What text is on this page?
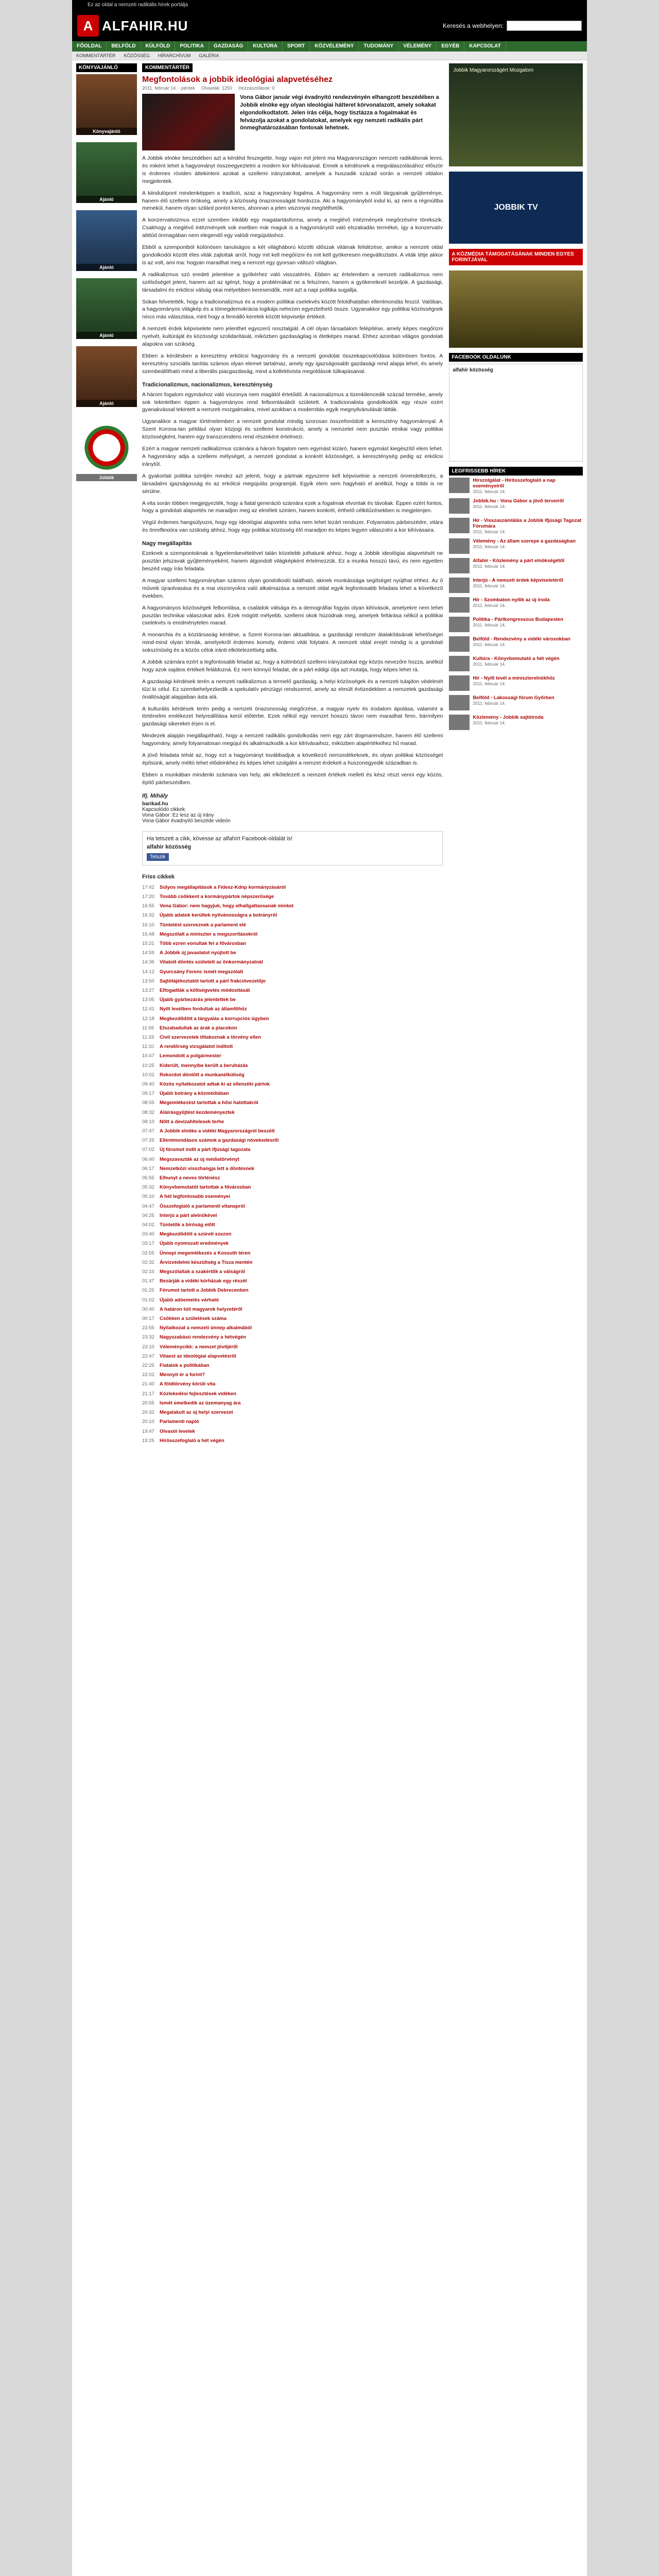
Ez az oldal a nemzeti radikális hírek portálja
A ALFAHIR.HU	Keresés a webhelyen:
FŐOLDAL	BELFÖLD	KÜLFÖLD	POLITIKA	GAZDASÁG	KULTÚRA	SPORT	KÖZVÉLEMÉNY	TUDOMÁNY	VÉLEMÉNY	EGYÉB	KAPCSOLAT
KOMMENTÁRTÉR	KÖZÖSSÉG	HÍRARCHÍVUM	GALÉRIA
KÖNYVAJÁNLÓ
Könyvajánló
Ajánló
Ajánló
Ajánló
Ajánló
Jobbik
KOMMENTÁRTÉR
Megfontolások a jobbik ideológiai alapvetéséhez
2011. február 14. - péntek Olvasták: 1250 Hozzászólások: 0
Vona Gábor január végi évadnyitó rendezvényén elhangzott beszédében a Jobbik elnöke egy olyan ideológiai hátteret körvonalazott, amely sokakat elgondolkodtatott. Jelen írás célja, hogy tisztázza a fogalmakat és felvázolja azokat a gondolatokat, amelyek egy nemzeti radikális párt önmeghatározásában fontosak lehetnek.

A Jobbik elnöke beszédében azt a kérdést feszegette, hogy vajon mit jelent ma Magyarországon nemzeti radikálisnak lenni, és miként lehet a hagyományt összeegyeztetni a modern kor kihívásaival. Ennek a kérdésnek a megválaszolásához először is érdemes röviden áttekinteni azokat a szellemi irányzatokat, amelyek a huszadik század során a nemzeti oldalon megjelentek.

A kiindulópont mindenképpen a tradíció, azaz a hagyomány fogalma. A hagyomány nem a múlt tárgyainak gyűjteménye, hanem élő szellemi örökség, amely a közösség önazonosságát hordozza. Aki a hagyományból indul ki, az nem a régmúltba menekül, hanem olyan szilárd pontot keres, ahonnan a jelen viszonyai megítélhetők.

A konzervativizmus ezzel szemben inkább egy magatartásforma, amely a meglévő intézmények megőrzésére törekszik. Csakhogy a meglévő intézmények sok esetben már maguk is a hagyománytól való elszakadás termékei, így a konzervatív attitűd önmagában nem elegendő egy valódi megújuláshoz.

Ebből a szempontból különösen tanulságos a két világháború közötti időszak vitáinak felidézése, amikor a nemzeti oldal gondolkodói között éles viták zajlottak arról, hogy mit kell megőrizni és mit kell gyökeresen megváltoztatni. A viták tétje akkor is az volt, ami ma: hogyan maradhat meg a nemzet egy gyorsan változó világban.

A radikalizmus szó eredeti jelentése a gyökérhez való visszatérés. Ebben az értelemben a nemzeti radikalizmus nem szélsőséget jelent, hanem azt az igényt, hogy a problémákat ne a felszínen, hanem a gyökereiknél kezeljük. A gazdasági, társadalmi és erkölcsi válság okai mélyebben keresendők, mint azt a napi politika sugallja.

Sokan felvetették, hogy a tradicionalizmus és a modern politikai cselekvés között feloldhatatlan ellentmondás feszül. Valóban, a hagyományos világkép és a tömegdemokrácia logikája nehezen egyeztethető össze. Ugyanakkor egy politikai közösségnek nincs más választása, mint hogy a fennálló keretek között képviselje értékeit.

A nemzeti érdek képviselete nem jelenthet egyszerű nosztalgiát. A cél olyan társadalom felépítése, amely képes megőrizni nyelvét, kultúráját és közösségi szolidaritását, miközben gazdaságilag is életképes marad. Ehhez azonban világos gondolati alapokra van szükség.

Ebben a kérdésben a keresztény erkölcsi hagyomány és a nemzeti gondolat összekapcsolódása különösen fontos. A keresztény szociális tanítás számos olyan elemet tartalmaz, amely egy igazságosabb gazdasági rend alapja lehet, és amely szembeállítható mind a liberális piacgazdaság, mind a kollektivista megoldások túlkapásaival.

Tradicionalizmus, nacionalizmus, kereszténység

A három fogalom egymáshoz való viszonya nem magától értetődő. A nacionalizmus a tizenkilencedik század terméke, amely sok tekintetben éppen a hagyományos rend felbomlásából született. A tradicionalista gondolkodók egy része ezért gyanakvással tekintett a nemzeti mozgalmakra, mivel azokban a modernitás egyik megnyilvánulását látták.

Ugyanakkor a magyar történelemben a nemzeti gondolat mindig szorosan összefonódott a keresztény hagyománnyal. A Szent Korona-tan például olyan közjogi és szellemi konstrukció, amely a nemzetet nem pusztán etnikai vagy politikai közösségként, hanem egy transzcendens rend részeként értelmezi.

Ezért a magyar nemzeti radikalizmus számára a három fogalom nem egymást kizáró, hanem egymást kiegészítő elem lehet. A hagyomány adja a szellemi mélységet, a nemzeti gondolat a konkrét közösséget, a kereszténység pedig az erkölcsi iránytűt.

A gyakorlati politika szintjén mindez azt jelenti, hogy a pártnak egyszerre kell képviselnie a nemzeti önrendelkezés, a társadalmi igazságosság és az erkölcsi megújulás programját. Egyik elem sem hagyható el anélkül, hogy a többi is ne sérülne.

A vita során többen megjegyezték, hogy a fiatal generáció számára ezek a fogalmak elvontak és távoliak. Éppen ezért fontos, hogy a gondolati alapvetés ne maradjon meg az elméleti szinten, hanem konkrét, érthető célkitűzésekben is megjelenjen.

Végül érdemes hangsúlyozni, hogy egy ideológiai alapvetés soha nem lehet lezárt rendszer. Folyamatos párbeszédre, vitára és önreflexióra van szükség ahhoz, hogy egy politikai közösség élő maradjon és képes legyen válaszolni a kor kihívásaira.

Nagy megállapítás

Ezeknek a szempontoknak a figyelembevételével talán közelebb juthatunk ahhoz, hogy a Jobbik ideológiai alapvetését ne pusztán jelszavak gyűjteményeként, hanem átgondolt világképként értelmezzük. Ez a munka hosszú távú, és nem egyetlen beszéd vagy írás feladata.

A magyar szellemi hagyományban számos olyan gondolkodó található, akinek munkássága segítséget nyújthat ehhez. Az ő műveik újraolvasása és a mai viszonyokra való alkalmazása a nemzeti oldal egyik legfontosabb feladata lehet a következő években.

A hagyományos közösségek felbomlása, a családok válsága és a demográfiai fogyás olyan kihívások, amelyekre nem lehet pusztán technikai válaszokat adni. Ezek mögött mélyebb, szellemi okok húzódnak meg, amelyek feltárása nélkül a politikai cselekvés is eredménytelen marad.

A monarchia és a köztársaság kérdése, a Szent Korona-tan aktualitása, a gazdasági rendszer átalakításának lehetőségei mind-mind olyan témák, amelyekről érdemes komoly, érdemi vitát folytatni. A nemzeti oldal erejét mindig is a gondolati sokszínűség és a közös célok iránti elkötelezettség adta.

A Jobbik számára ezért a legfontosabb feladat az, hogy a különböző szellemi irányzatokat egy közös nevezőre hozza, anélkül hogy azok sajátos értékeit feláldozná. Ez nem könnyű feladat, de a párt eddigi útja azt mutatja, hogy képes lehet rá.

A gazdasági kérdések terén a nemzeti radikalizmus a termelő gazdaság, a helyi közösségek és a nemzeti tulajdon védelmét tűzi ki célul. Ez szembehelyezkedik a spekulatív pénzügyi rendszerrel, amely az elmúlt évtizedekben a nemzetek gazdasági önállóságát alapjaiban ásta alá.

A kulturális kérdések terén pedig a nemzeti önazonosság megőrzése, a magyar nyelv és irodalom ápolása, valamint a történelmi emlékezet helyreállítása kerül előtérbe. Ezek nélkül egy nemzet hosszú távon nem maradhat fenn, bármilyen gazdasági sikereket érjen is el.

Mindezek alapján megállapítható, hogy a nemzeti radikális gondolkodás nem egy zárt dogmarendszer, hanem élő szellemi hagyomány, amely folyamatosan megújul és alkalmazkodik a kor kihívásaihoz, miközben alapértékeihez hű marad.

A jövő feladata tehát az, hogy ezt a hagyományt továbbadjuk a következő nemzedékeknek, és olyan politikai közösséget építsünk, amely méltó lehet elődeinkhez és képes lehet szolgálni a nemzet érdekeit a huszonegyedik században is.

Ebben a munkában mindenki számára van hely, aki elkötelezett a nemzeti értékek mellett és kész részt venni egy közös, építő párbeszédben.

Ifj. Mihály
barikad.hu
Kapcsolódó cikkek:
Vona Gábor: Ez lesz az új irány
Vona Gábor évadnyitó beszéde videón
Ha tetszett a cikk, kövesse az alfahírt Facebook-oldalát is!
alfahir közösség
Tetszik
Friss cikkek
17:42	Súlyos megállapítások a Fidesz-Kdnp kormányzásáról
17:20	Tovább csökkent a kormánypártok népszerűsége
16:55	Vona Gábor: nem hagyjuk, hogy elhallgattassanak minket
16:32	Újabb adatok kerültek nyilvánosságra a botrányról
16:10	Tüntetést szerveznek a parlament elé
15:48	Megszólalt a miniszter a megszorításokról
15:21	Több ezren vonultak fel a fővárosban
14:59	A Jobbik új javaslatot nyújtott be
14:36	Vitatott döntés született az önkormányzatnál
14:12	Gyurcsány Ferenc ismét megszólalt
13:50	Sajtótájékoztatót tartott a párt frakcióvezetője
13:27	Elfogadták a költségvetés módosítását
13:05	Újabb gyárbezárás jelentettek be
12:41	Nyílt levélben fordultak az államfőhöz
12:18	Megkezdődött a tárgyalás a korrupciós ügyben
11:56	Elszabadultak az árak a piacokon
11:33	Civil szervezetek tiltakoznak a törvény ellen
11:10	A rendőrség vizsgálatot indított
10:47	Lemondott a polgármester
10:25	Kiderült, mennyibe került a beruházás
10:02	Rekordot döntött a munkanélküliség
09:40	Közös nyilatkozatot adtak ki az ellenzéki pártok
09:17	Újabb botrány a közmédiában
08:55	Megemlékezést tartottak a hősi halottakról
08:32	Aláírásgyűjtést kezdeményeztek
08:10	Nőtt a devizahitelesek terhe
07:47	A Jobbik elnöke a vidéki Magyarországról beszélt
07:25	Ellentmondásos számok a gazdasági növekedésről
07:02	Új fórumot indít a párt ifjúsági tagozata
06:40	Megszavazták az új médiatörvényt
06:17	Nemzetközi visszhangja lett a döntésnek
05:55	Elhunyt a neves történész
05:32	Könyvbemutatót tartottak a fővárosban
05:10	A hét legfontosabb eseményei
04:47	Összefoglaló a parlamenti vitanapról
04:25	Interjú a párt alelnökével
04:02	Tüntetők a bíróság előtt
03:40	Megkezdődött a szüreti szezon
03:17	Újabb nyomozati eredmények
02:55	Ünnepi megemlékezés a Kossuth téren
02:32	Árvízvédelmi készültség a Tisza mentén
02:10	Megszólaltak a szakértők a válságról
01:47	Bezárják a vidéki kórházak egy részét
01:25	Fórumot tartott a Jobbik Debrecenben
01:02	Újabb adóemelés várható
00:40	A határon túli magyarok helyzetéről
00:17	Csökken a születések száma
23:55	Nyilatkozat a nemzeti ünnep alkalmából
23:32	Nagyszabású rendezvény a hétvégén
23:10	Véleménycikk: a nemzet jövőjéről
22:47	Vitaest az ideológiai alapvetésről
22:25	Fiatalok a politikában
22:02	Mennyit ér a forint?
21:40	A földtörvény körüli vita
21:17	Közlekedési fejlesztések vidéken
20:55	Ismét emelkedik az üzemanyag ára
20:32	Megalakult az új helyi szervezet
20:10	Parlamenti napló
19:47	Olvasói levelek
19:25	Hírösszefoglaló a hét végén
Jobbik Magyarországért Mozgalom
JOBBIK TV
A KÖZMÉDIA TÁMOGATÁSÁNAK MINDEN EGYES FORINTJÁVAL
FACEBOOK OLDALUNK
alfahír közösség
LEGFRISSEBB HÍREK
Hírszolgálat - Hírösszefoglaló a nap eseményeiről
2011. február 14.
Jobbik.hu - Vona Gábor a jövő terveiről
2011. február 14.
Hír - Visszaszámlálás a Jobbik Ifjúsági Tagozat Fórumára
2011. február 14.
Vélemény - Az állam szerepe a gazdaságban
2011. február 14.
Alfahír - Közlemény a párt elnökségétől
2011. február 14.
Interjú - A nemzeti érdek képviseletéről
2011. február 14.
Hír - Szombaton nyílik az új iroda
2011. február 14.
Politika - Pártkongresszus Budapesten
2011. február 14.
Belföld - Rendezvény a vidéki városokban
2011. február 14.
Kultúra - Könyvbemutató a hét végén
2011. február 14.
Hír - Nyílt levél a miniszterelnökhöz
2011. február 14.
Belföld - Lakossági fórum Győrben
2011. február 14.
Közlemény - Jobbik sajtóiroda
2011. február 14.
